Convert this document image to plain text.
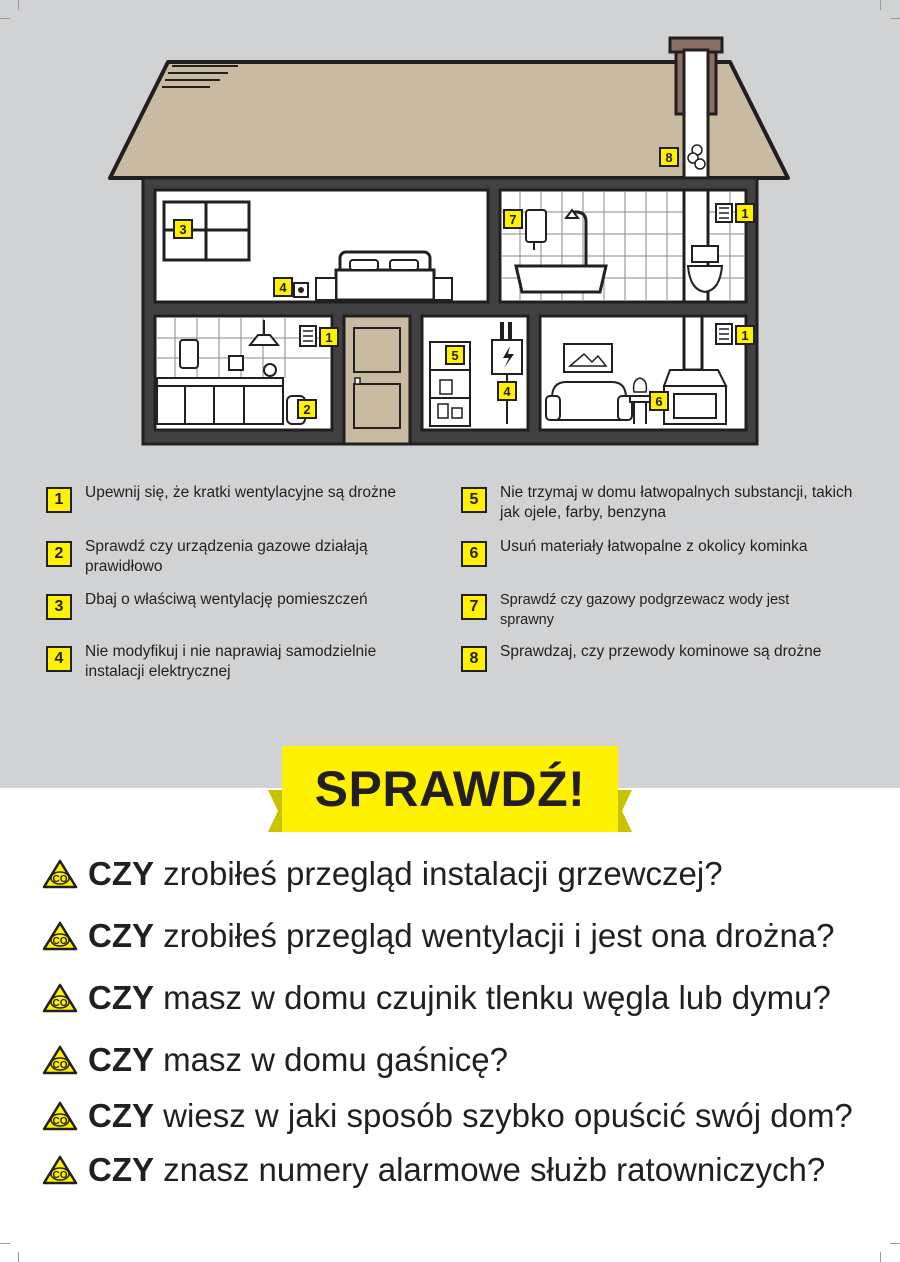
8
3
4
7	1
1
2
5
4
6
1
1	Upewnij się, że kratki wentylacyjne są drożne
2	Sprawdź czy urządzenia gazowe działają prawidłowo
3	Dbaj o właściwą wentylację pomieszczeń
4	Nie modyfikuj i nie naprawiaj samodzielnie instalacji elektrycznej
5	Nie trzymaj w domu łatwopalnych substancji, takich jak ojele, farby, benzyna
6	Usuń materiały łatwopalne z okolicy kominka
7	Sprawdź czy gazowy podgrzewacz wody jest sprawny
8	Sprawdzaj, czy przewody kominowe są drożne
SPRAWDŹ!
CO CZY zrobiłeś przegląd instalacji grzewczej?
CO CZY zrobiłeś przegląd wentylacji i jest ona drożna?
CO CZY masz w domu czujnik tlenku węgla lub dymu?
CO CZY masz w domu gaśnicę?
CO CZY wiesz w jaki sposób szybko opuścić swój dom?
CO CZY znasz numery alarmowe służb ratowniczych?
